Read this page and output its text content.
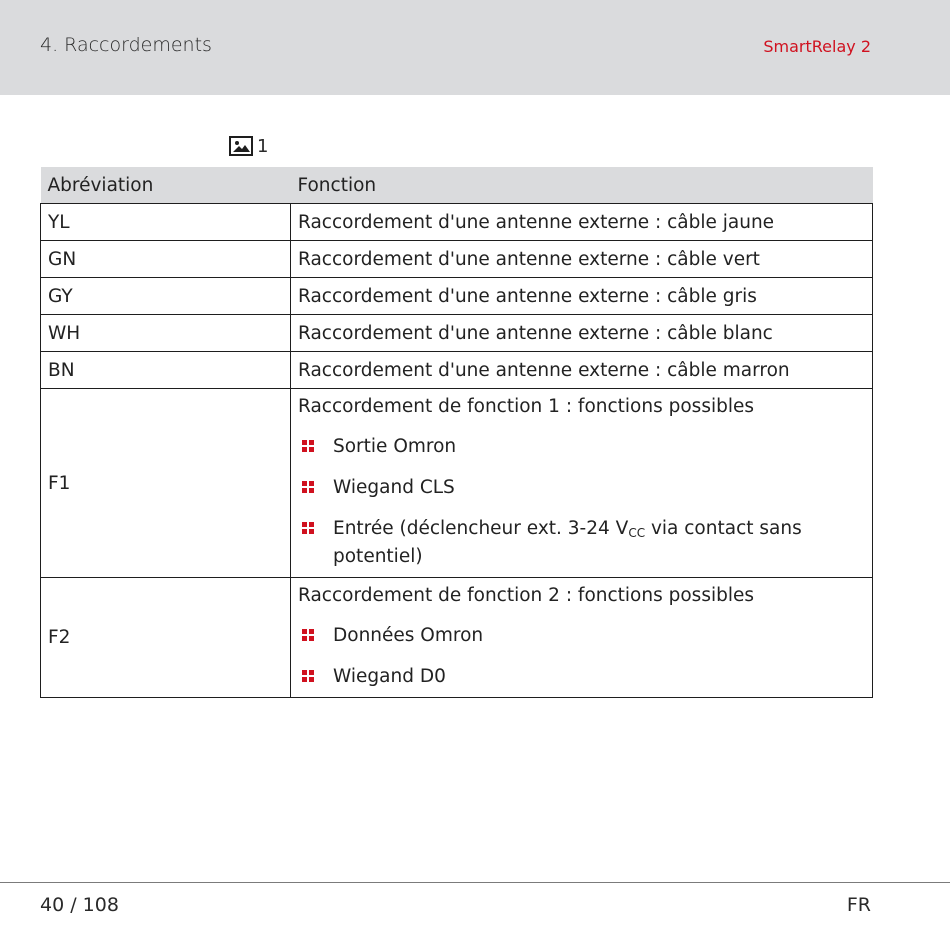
4. Raccordements	SmartRelay 2
1
Abréviation	Fonction
YL	Raccordement d'une antenne externe : câble jaune
GN	Raccordement d'une antenne externe : câble vert
GY	Raccordement d'une antenne externe : câble gris
WH	Raccordement d'une antenne externe : câble blanc
BN	Raccordement d'une antenne externe : câble marron
F1	Raccordement de fonction 1 : fonctions possibles
Sortie Omron
Wiegand CLS
Entrée (déclencheur ext. 3-24 $V_{CC}$ via contact sans potentiel)

F2	Raccordement de fonction 2 : fonctions possibles
Données Omron
Wiegand D0
40 / 108	FR
